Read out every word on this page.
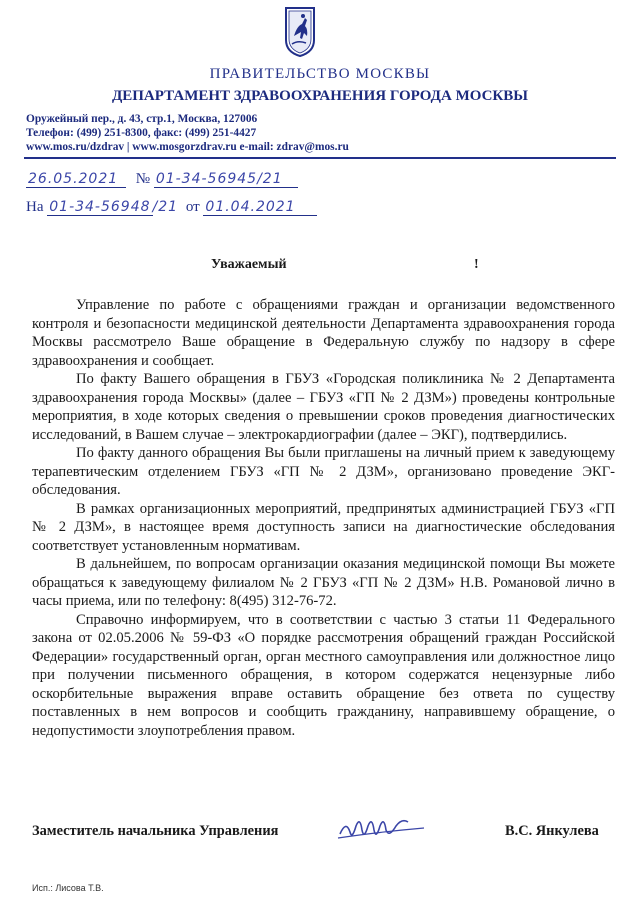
ПРАВИТЕЛЬСТВО МОСКВЫ
ДЕПАРТАМЕНТ ЗДРАВООХРАНЕНИЯ ГОРОДА МОСКВЫ
Оружейный пер., д. 43, стр.1, Москва, 127006
Телефон: (499) 251-8300, факс: (499) 251-4427
www.mos.ru/dzdrav | www.mosgorzdrav.ru e-mail: zdrav@mos.ru
26.05.2021 № 01-34-56945/21
На 01-34-56948 /21 от 01.04.2021
Уважаемый	!

Управление по работе с обращениями граждан и организации ведомственного контроля и безопасности медицинской деятельности Департамента здравоохранения города Москвы рассмотрело Ваше обращение в Федеральную службу по надзору в сфере здравоохранения и сообщает.

По факту Вашего обращения в ГБУЗ «Городская поликлиника № 2 Департамента здравоохранения города Москвы» (далее – ГБУЗ «ГП № 2 ДЗМ») проведены контрольные мероприятия, в ходе которых сведения о превышении сроков проведения диагностических исследований, в Вашем случае – электрокардиографии (далее – ЭКГ), подтвердились.

По факту данного обращения Вы были приглашены на личный прием к заведующему терапевтическим отделением ГБУЗ «ГП № 2 ДЗМ», организовано проведение ЭКГ-обследования.

В рамках организационных мероприятий, предпринятых администрацией ГБУЗ «ГП № 2 ДЗМ», в настоящее время доступность записи на диагностические обследования соответствует установленным нормативам.

В дальнейшем, по вопросам организации оказания медицинской помощи Вы можете обращаться к заведующему филиалом № 2 ГБУЗ «ГП № 2 ДЗМ» Н.В. Романовой лично в часы приема, или по телефону: 8(495) 312-76-72.

Справочно информируем, что в соответствии с частью 3 статьи 11 Федерального закона от 02.05.2006 № 59-ФЗ «О порядке рассмотрения обращений граждан Российской Федерации» государственный орган, орган местного самоуправления или должностное лицо при получении письменного обращения, в котором содержатся нецензурные либо оскорбительные выражения вправе оставить обращение без ответа по существу поставленных в нем вопросов и сообщить гражданину, направившему обращение, о недопустимости злоупотребления правом.

Заместитель начальника Управления	В.С. Янкулева
Исп.: Лисова Т.В.
